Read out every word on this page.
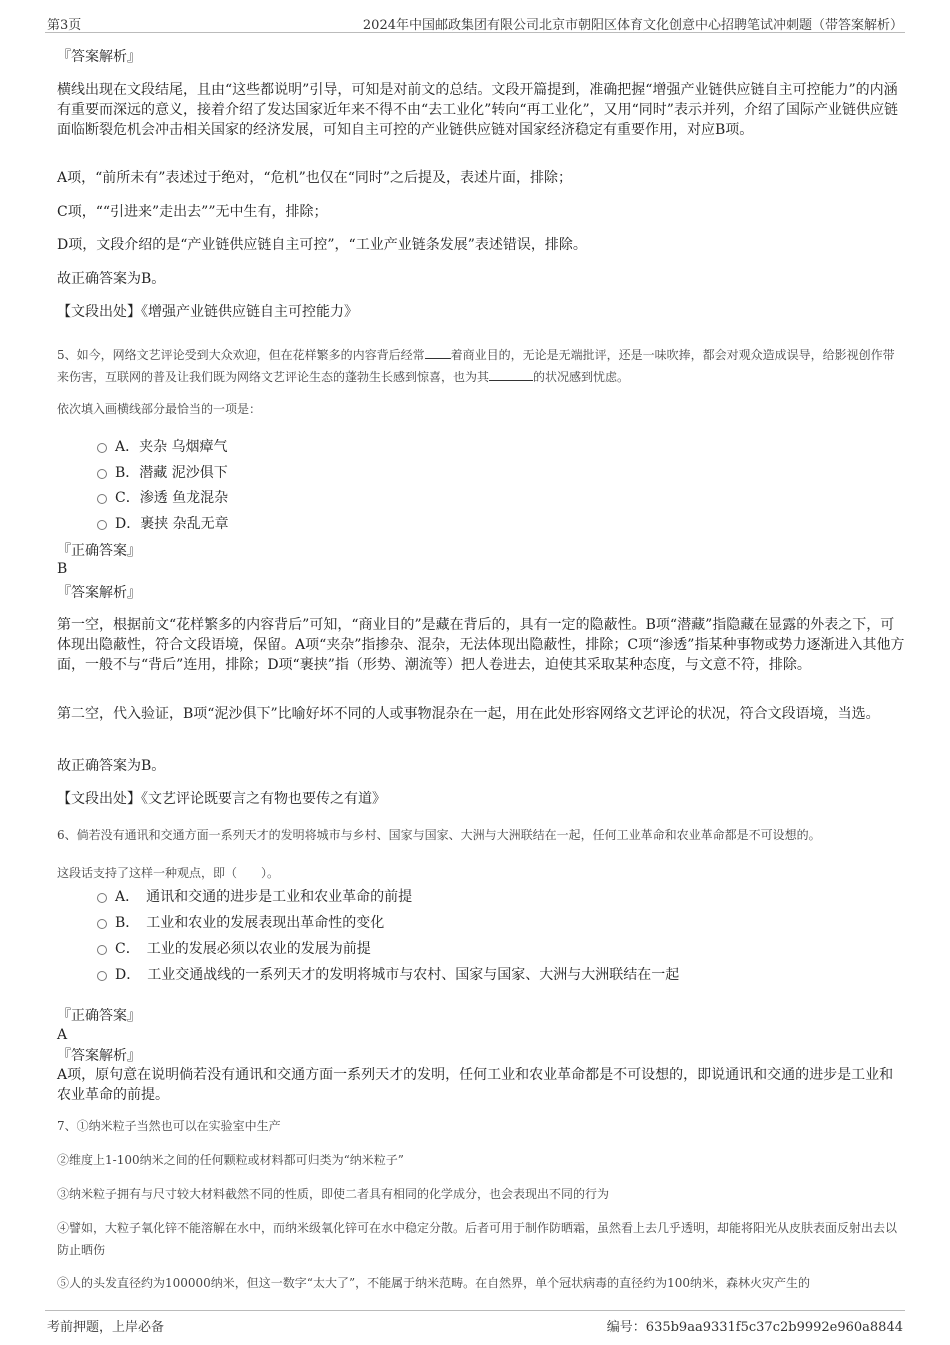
第3页	2024年中国邮政集团有限公司北京市朝阳区体育文化创意中心招聘笔试冲刺题（带答案解析）
『答案解析』
横线出现在文段结尾，且由“这些都说明”引导，可知是对前文的总结。文段开篇提到，准确把握“增强产业链供应链自主可控能力”的内涵有重要而深远的意义，接着介绍了发达国家近年来不得不由“去工业化”转向“再工业化”，又用“同时”表示并列，介绍了国际产业链供应链面临断裂危机会冲击相关国家的经济发展，可知自主可控的产业链供应链对国家经济稳定有重要作用，对应B项。
A项，“前所未有”表述过于绝对，“危机”也仅在“同时”之后提及，表述片面，排除；
C项，““引进来”走出去””无中生有，排除；
D项，文段介绍的是“产业链供应链自主可控”，“工业产业链条发展”表述错误，排除。
故正确答案为B。
【文段出处】《增强产业链供应链自主可控能力》
5、如今，网络文艺评论受到大众欢迎，但在花样繁多的内容背后经常 着商业目的，无论是无端批评，还是一味吹捧，都会对观众造成误导，给影视创作带来伤害，互联网的普及让我们既为网络文艺评论生态的蓬勃生长感到惊喜，也为其	的状况感到忧虑。
依次填入画横线部分最恰当的一项是：
A．夹杂 乌烟瘴气
B．潜藏 泥沙俱下
C．渗透 鱼龙混杂
D．裹挟 杂乱无章
『正确答案』
B
『答案解析』
第一空，根据前文“花样繁多的内容背后”可知，“商业目的”是藏在背后的，具有一定的隐蔽性。B项“潜藏”指隐藏在显露的外表之下，可体现出隐蔽性，符合文段语境，保留。A项“夹杂”指掺杂、混杂，无法体现出隐蔽性，排除；C项“渗透”指某种事物或势力逐渐进入其他方面，一般不与“背后”连用，排除；D项“裹挟”指（形势、潮流等）把人卷进去，迫使其采取某种态度，与文意不符，排除。
第二空，代入验证，B项“泥沙俱下”比喻好坏不同的人或事物混杂在一起，用在此处形容网络文艺评论的状况，符合文段语境，当选。
故正确答案为B。
【文段出处】《文艺评论既要言之有物也要传之有道》
6、倘若没有通讯和交通方面一系列天才的发明将城市与乡村、国家与国家、大洲与大洲联结在一起，任何工业革命和农业革命都是不可设想的。
这段话支持了这样一种观点，即（　　）。
A．　通讯和交通的进步是工业和农业革命的前提
B．　工业和农业的发展表现出革命性的变化
C．　工业的发展必须以农业的发展为前提
D．　工业交通战线的一系列天才的发明将城市与农村、国家与国家、大洲与大洲联结在一起
『正确答案』
A
『答案解析』
A项，原句意在说明倘若没有通讯和交通方面一系列天才的发明，任何工业和农业革命都是不可设想的，即说通讯和交通的进步是工业和农业革命的前提。
7、①纳米粒子当然也可以在实验室中生产
②维度上1-100纳米之间的任何颗粒或材料都可归类为“纳米粒子”
③纳米粒子拥有与尺寸较大材料截然不同的性质，即使二者具有相同的化学成分，也会表现出不同的行为
④譬如，大粒子氧化锌不能溶解在水中，而纳米级氧化锌可在水中稳定分散。后者可用于制作防晒霜，虽然看上去几乎透明，却能将阳光从皮肤表面反射出去以防止晒伤
⑤人的头发直径约为100000纳米，但这一数字“太大了”，不能属于纳米范畴。在自然界，单个冠状病毒的直径约为100纳米，森林火灾产生的
考前押题，上岸必备	编号：635b9aa9331f5c37c2b9992e960a8844
